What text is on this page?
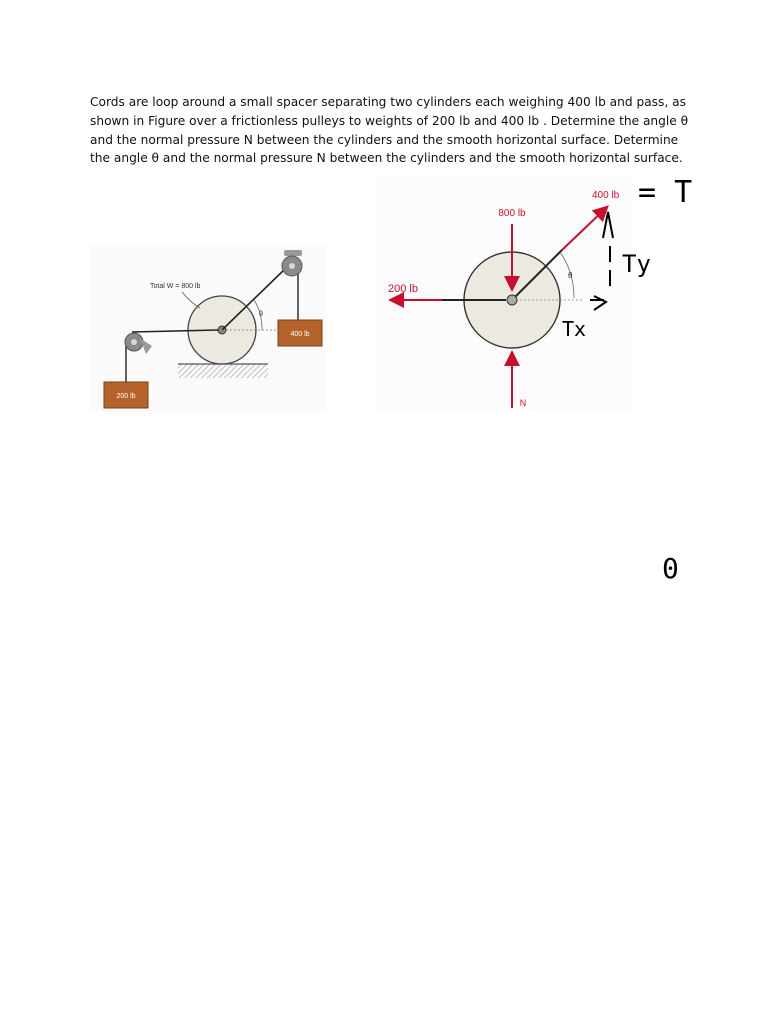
Cords are loop around a small spacer separating two cylinders each weighing 400 lb and pass, as shown in Figure over a frictionless pulleys to weights of 200 lb and 400 lb . Determine the angle θ and the normal pressure N between the cylinders and the smooth horizontal surface. Determine the angle θ and the normal pressure N between the cylinders and the smooth horizontal surface.

θ
Total W = 800 lb
400 lb
200 lb
200 lb
400 lb
800 lb
N
θ
= T
Ty
Tx
0
